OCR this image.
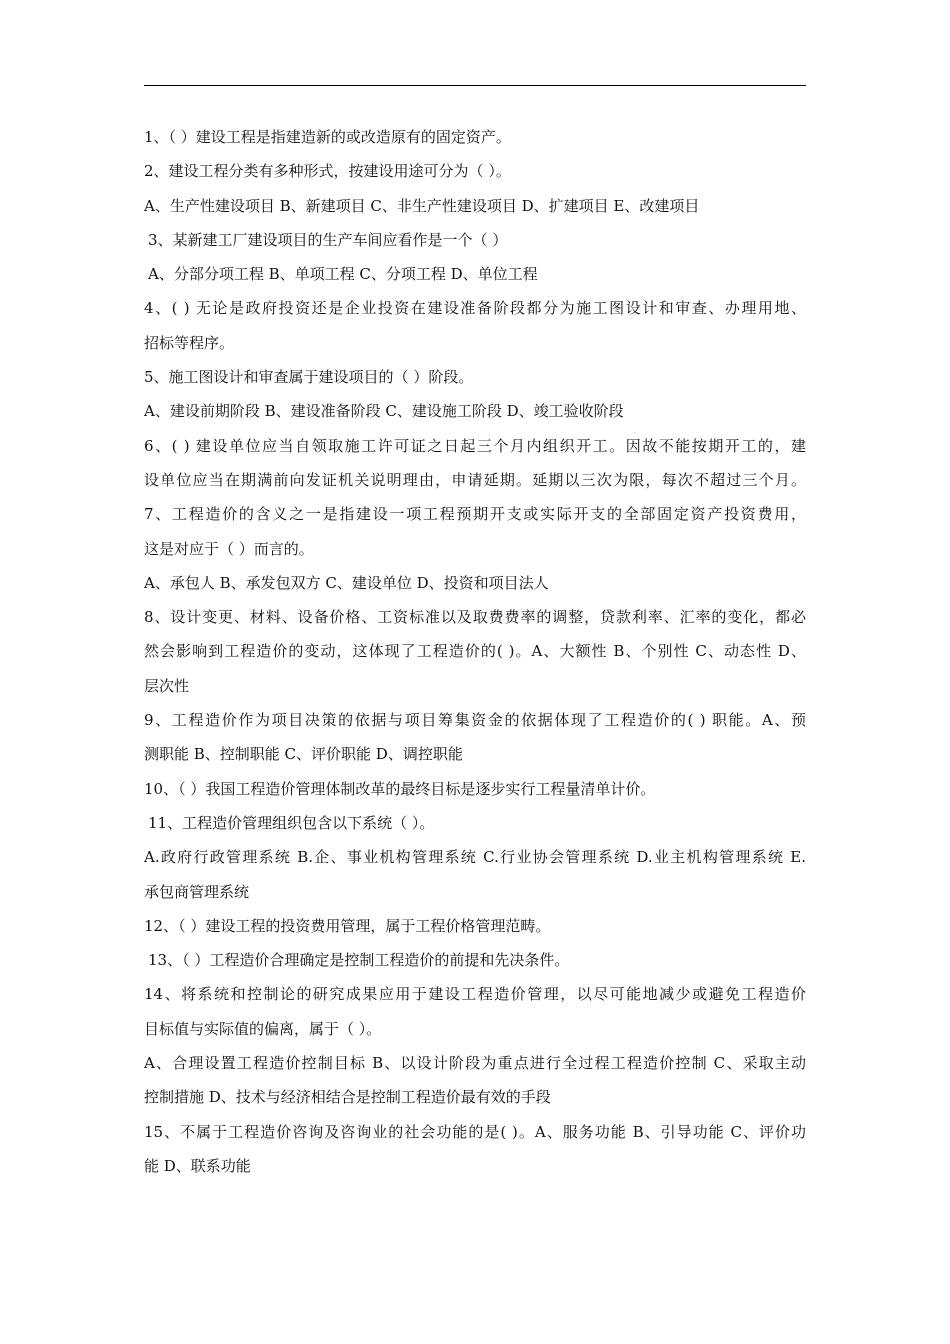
1、（ ）建设工程是指建造新的或改造原有的固定资产。
2、建设工程分类有多种形式，按建设用途可分为（ ）。
A、生产性建设项目 B、新建项目 C、非生产性建设项目 D、扩建项目 E、改建项目
3、某新建工厂建设项目的生产车间应看作是一个（ ）
A、分部分项工程 B、单项工程 C、分项工程 D、单位工程
4、( ) 无论是政府投资还是企业投资在建设准备阶段都分为施工图设计和审查、办理用地、
招标等程序。
5、施工图设计和审查属于建设项目的（ ）阶段。
A、建设前期阶段 B、建设准备阶段 C、建设施工阶段 D、竣工验收阶段
6、( ) 建设单位应当自领取施工许可证之日起三个月内组织开工。因故不能按期开工的，建
设单位应当在期满前向发证机关说明理由，申请延期。延期以三次为限，每次不超过三个月。
7、工程造价的含义之一是指建设一项工程预期开支或实际开支的全部固定资产投资费用，
这是对应于（ ）而言的。
A、承包人 B、承发包双方 C、建设单位 D、投资和项目法人
8、设计变更、材料、设备价格、工资标准以及取费费率的调整，贷款利率、汇率的变化，都必
然会影响到工程造价的变动，这体现了工程造价的( )。A、大额性 B、个别性 C、动态性 D、
层次性
9、工程造价作为项目决策的依据与项目筹集资金的依据体现了工程造价的( ) 职能。A、预
测职能 B、控制职能 C、评价职能 D、调控职能
10、（ ）我国工程造价管理体制改革的最终目标是逐步实行工程量清单计价。
11、工程造价管理组织包含以下系统（ ）。
A.政府行政管理系统 B.企、事业机构管理系统 C.行业协会管理系统 D.业主机构管理系统 E.
承包商管理系统
12、（ ）建设工程的投资费用管理，属于工程价格管理范畴。
13、（ ）工程造价合理确定是控制工程造价的前提和先决条件。
14、将系统和控制论的研究成果应用于建设工程造价管理，以尽可能地减少或避免工程造价
目标值与实际值的偏离，属于（ ）。
A、合理设置工程造价控制目标 B、以设计阶段为重点进行全过程工程造价控制 C、采取主动
控制措施 D、技术与经济相结合是控制工程造价最有效的手段
15、不属于工程造价咨询及咨询业的社会功能的是( )。A、服务功能 B、引导功能 C、评价功
能 D、联系功能
